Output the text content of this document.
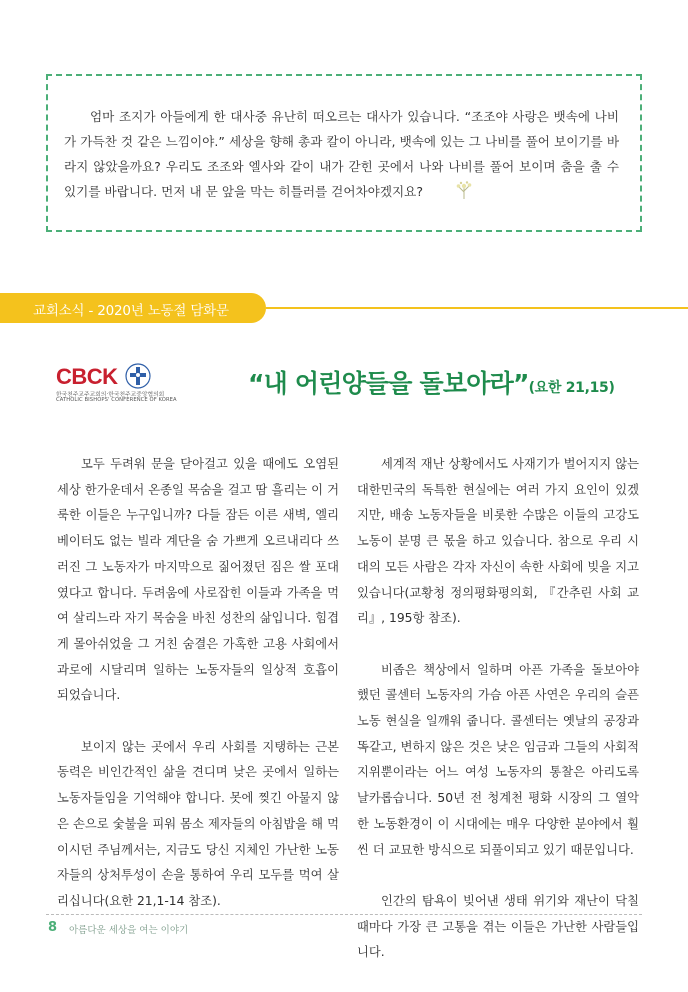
엄마 조지가 아들에게 한 대사중 유난히 떠오르는 대사가 있습니다. “조조야 사랑은 뱃속에 나비가 가득찬 것 같은 느낌이야.” 세상을 향해 총과 칼이 아니라, 뱃속에 있는 그 나비를 풀어 보이기를 바라지 않았을까요? 우리도 조조와 엘사와 같이 내가 갇힌 곳에서 나와 나비를 풀어 보이며 춤을 출 수 있기를 바랍니다. 먼저 내 문 앞을 막는 히틀러를 걷어차야겠지요?

교회소식 - 2020년 노동절 담화문
CBCK
한국천주교주교회의·한국천주교중앙협의회
CATHOLIC BISHOPS' CONFERENCE OF KOREA
“내 어린양들을 돌보아라”(요한 21,15)

모두 두려워 문을 닫아걸고 있을 때에도 오염된 세상 한가운데서 온종일 목숨을 걸고 땀 흘리는 이 거룩한 이들은 누구입니까? 다들 잠든 이른 새벽, 엘리베이터도 없는 빌라 계단을 숨 가쁘게 오르내리다 쓰러진 그 노동자가 마지막으로 짊어졌던 짐은 쌀 포대였다고 합니다. 두려움에 사로잡힌 이들과 가족을 먹여 살리느라 자기 목숨을 바친 성찬의 삶입니다. 힘겹게 몰아쉬었을 그 거친 숨결은 가혹한 고용 사회에서 과로에 시달리며 일하는 노동자들의 일상적 호흡이 되었습니다.

보이지 않는 곳에서 우리 사회를 지탱하는 근본 동력은 비인간적인 삶을 견디며 낮은 곳에서 일하는 노동자들임을 기억해야 합니다. 못에 찢긴 아물지 않은 손으로 숯불을 피워 몸소 제자들의 아침밥을 해 먹이시던 주님께서는, 지금도 당신 지체인 가난한 노동자들의 상처투성이 손을 통하여 우리 모두를 먹여 살리십니다(요한 21,1-14 참조).

세계적 재난 상황에서도 사재기가 벌어지지 않는 대한민국의 독특한 현실에는 여러 가지 요인이 있겠지만, 배송 노동자들을 비롯한 수많은 이들의 고강도 노동이 분명 큰 몫을 하고 있습니다. 참으로 우리 시대의 모든 사람은 각자 자신이 속한 사회에 빚을 지고 있습니다(교황청 정의평화평의회, 『간추린 사회 교리』, 195항 참조).

비좁은 책상에서 일하며 아픈 가족을 돌보아야 했던 콜센터 노동자의 가슴 아픈 사연은 우리의 슬픈 노동 현실을 일깨워 줍니다. 콜센터는 옛날의 공장과 똑같고, 변하지 않은 것은 낮은 임금과 그들의 사회적 지위뿐이라는 어느 여성 노동자의 통찰은 아리도록 날카롭습니다. 50년 전 청계천 평화 시장의 그 열악한 노동환경이 이 시대에는 매우 다양한 분야에서 훨씬 더 교묘한 방식으로 되풀이되고 있기 때문입니다.

인간의 탐욕이 빚어낸 생태 위기와 재난이 닥칠 때마다 가장 큰 고통을 겪는 이들은 가난한 사람들입니다.

8 아름다운 세상을 여는 이야기
